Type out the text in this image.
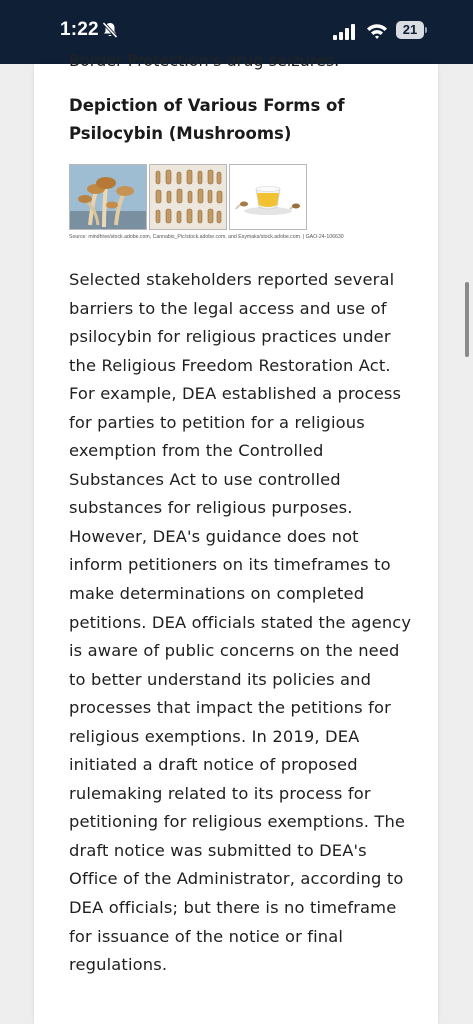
1:22	21
Border Protection's drug seizures.
Depiction of Various Forms of Psilocybin (Mushrooms)
Source: mindhive/stock.adobe.com, Cannabis_Pic/stock.adobe.com, and Esymaks/stock.adobe.com. | GAO-24-106630

Selected stakeholders reported several barriers to the legal access and use of psilocybin for religious practices under the Religious Freedom Restoration Act. For example, DEA established a process for parties to petition for a religious exemption from the Controlled Substances Act to use controlled substances for religious purposes. However, DEA's guidance does not inform petitioners on its timeframes to make determinations on completed petitions. DEA officials stated the agency is aware of public concerns on the need to better understand its policies and processes that impact the petitions for religious exemptions. In 2019, DEA initiated a draft notice of proposed rulemaking related to its process for petitioning for religious exemptions. The draft notice was submitted to DEA's Office of the Administrator, according to DEA officials; but there is no timeframe for issuance of the notice or final regulations.
